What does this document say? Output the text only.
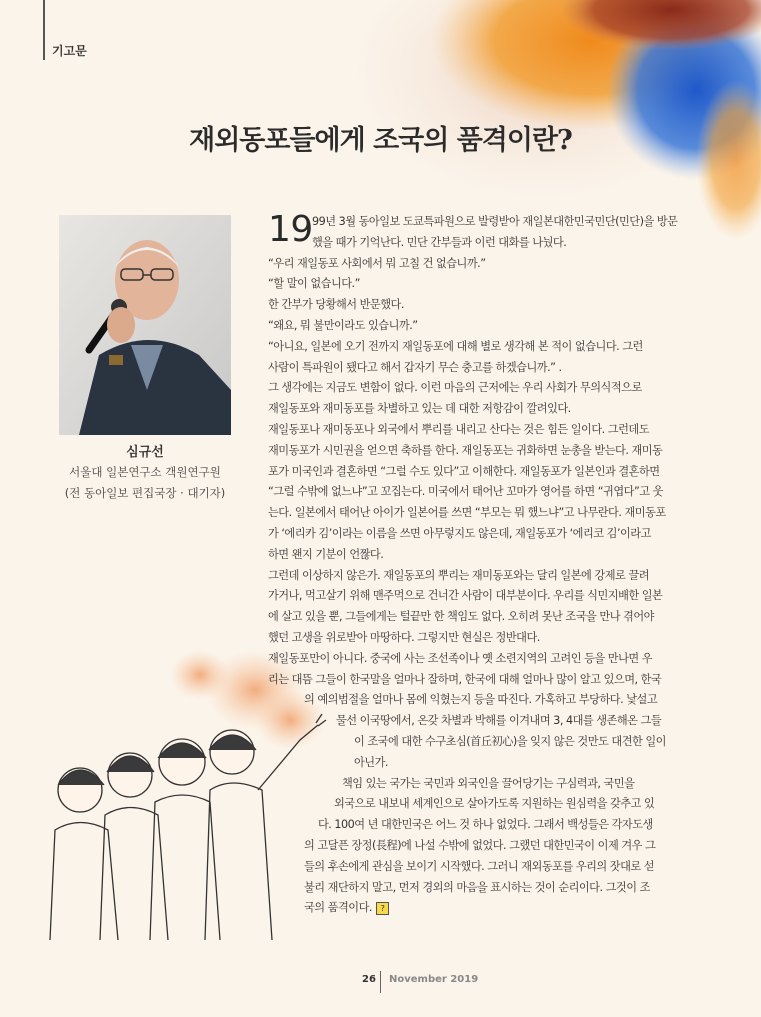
기고문
재외동포들에게 조국의 품격이란?
심규선
서울대 일본연구소 객원연구원
(전 동아일보 편집국장 · 대기자)
19 99년 3월 동아일보 도쿄특파원으로 발령받아 재일본대한민국민단(민단)을 방문
했을 때가 기억난다. 민단 간부들과 이런 대화를 나눴다.
“우리 재일동포 사회에서 뭐 고칠 건 없습니까.”
“할 말이 없습니다.”
한 간부가 당황해서 반문했다.
“왜요, 뭐 불만이라도 있습니까.”
“아니요, 일본에 오기 전까지 재일동포에 대해 별로 생각해 본 적이 없습니다. 그런
사람이 특파원이 됐다고 해서 갑자기 무슨 충고를 하겠습니까.” .
그 생각에는 지금도 변함이 없다. 이런 마음의 근저에는 우리 사회가 무의식적으로
재일동포와 재미동포를 차별하고 있는 데 대한 저항감이 깔려있다.
재일동포나 재미동포나 외국에서 뿌리를 내리고 산다는 것은 힘든 일이다. 그런데도
재미동포가 시민권을 얻으면 축하를 한다. 재일동포는 귀화하면 눈총을 받는다. 재미동
포가 미국인과 결혼하면 “그럴 수도 있다”고 이해한다. 재일동포가 일본인과 결혼하면
“그럴 수밖에 없느냐”고 꼬집는다. 미국에서 태어난 꼬마가 영어를 하면 “귀엽다”고 웃
는다. 일본에서 태어난 아이가 일본어를 쓰면 “부모는 뭐 했느냐”고 나무란다. 재미동포
가 ‘에리카 김’이라는 이름을 쓰면 아무렇지도 않은데, 재일동포가 ‘에리코 김’이라고
하면 왠지 기분이 언짢다.
그런데 이상하지 않은가. 재일동포의 뿌리는 재미동포와는 달리 일본에 강제로 끌려
가거나, 먹고살기 위해 맨주먹으로 건너간 사람이 대부분이다. 우리를 식민지배한 일본
에 살고 있을 뿐, 그들에게는 털끝만 한 책임도 없다. 오히려 못난 조국을 만나 겪어야
했던 고생을 위로받아 마땅하다. 그렇지만 현실은 정반대다.
재일동포만이 아니다. 중국에 사는 조선족이나 옛 소련지역의 고려인 등을 만나면 우
리는 대뜸 그들이 한국말을 얼마나 잘하며, 한국에 대해 얼마나 많이 알고 있으며, 한국
의 예의범절을 얼마나 몸에 익혔는지 등을 따진다. 가혹하고 부당하다. 낯설고
물선 이국땅에서, 온갖 차별과 박해를 이겨내며 3, 4대를 생존해온 그들
이 조국에 대한 수구초심(首丘初心)을 잊지 않은 것만도 대견한 일이
아닌가.
책임 있는 국가는 국민과 외국인을 끌어당기는 구심력과, 국민을
외국으로 내보내 세계인으로 살아가도록 지원하는 원심력을 갖추고 있
다. 100여 년 대한민국은 어느 것 하나 없었다. 그래서 백성들은 각자도생
의 고달픈 장정(長程)에 나설 수밖에 없었다. 그랬던 대한민국이 이제 겨우 그
들의 후손에게 관심을 보이기 시작했다. 그러니 재외동포를 우리의 잣대로 섣
불리 재단하지 말고, 먼저 경외의 마음을 표시하는 것이 순리이다. 그것이 조
국의 품격이다. ?
26 November 2019
